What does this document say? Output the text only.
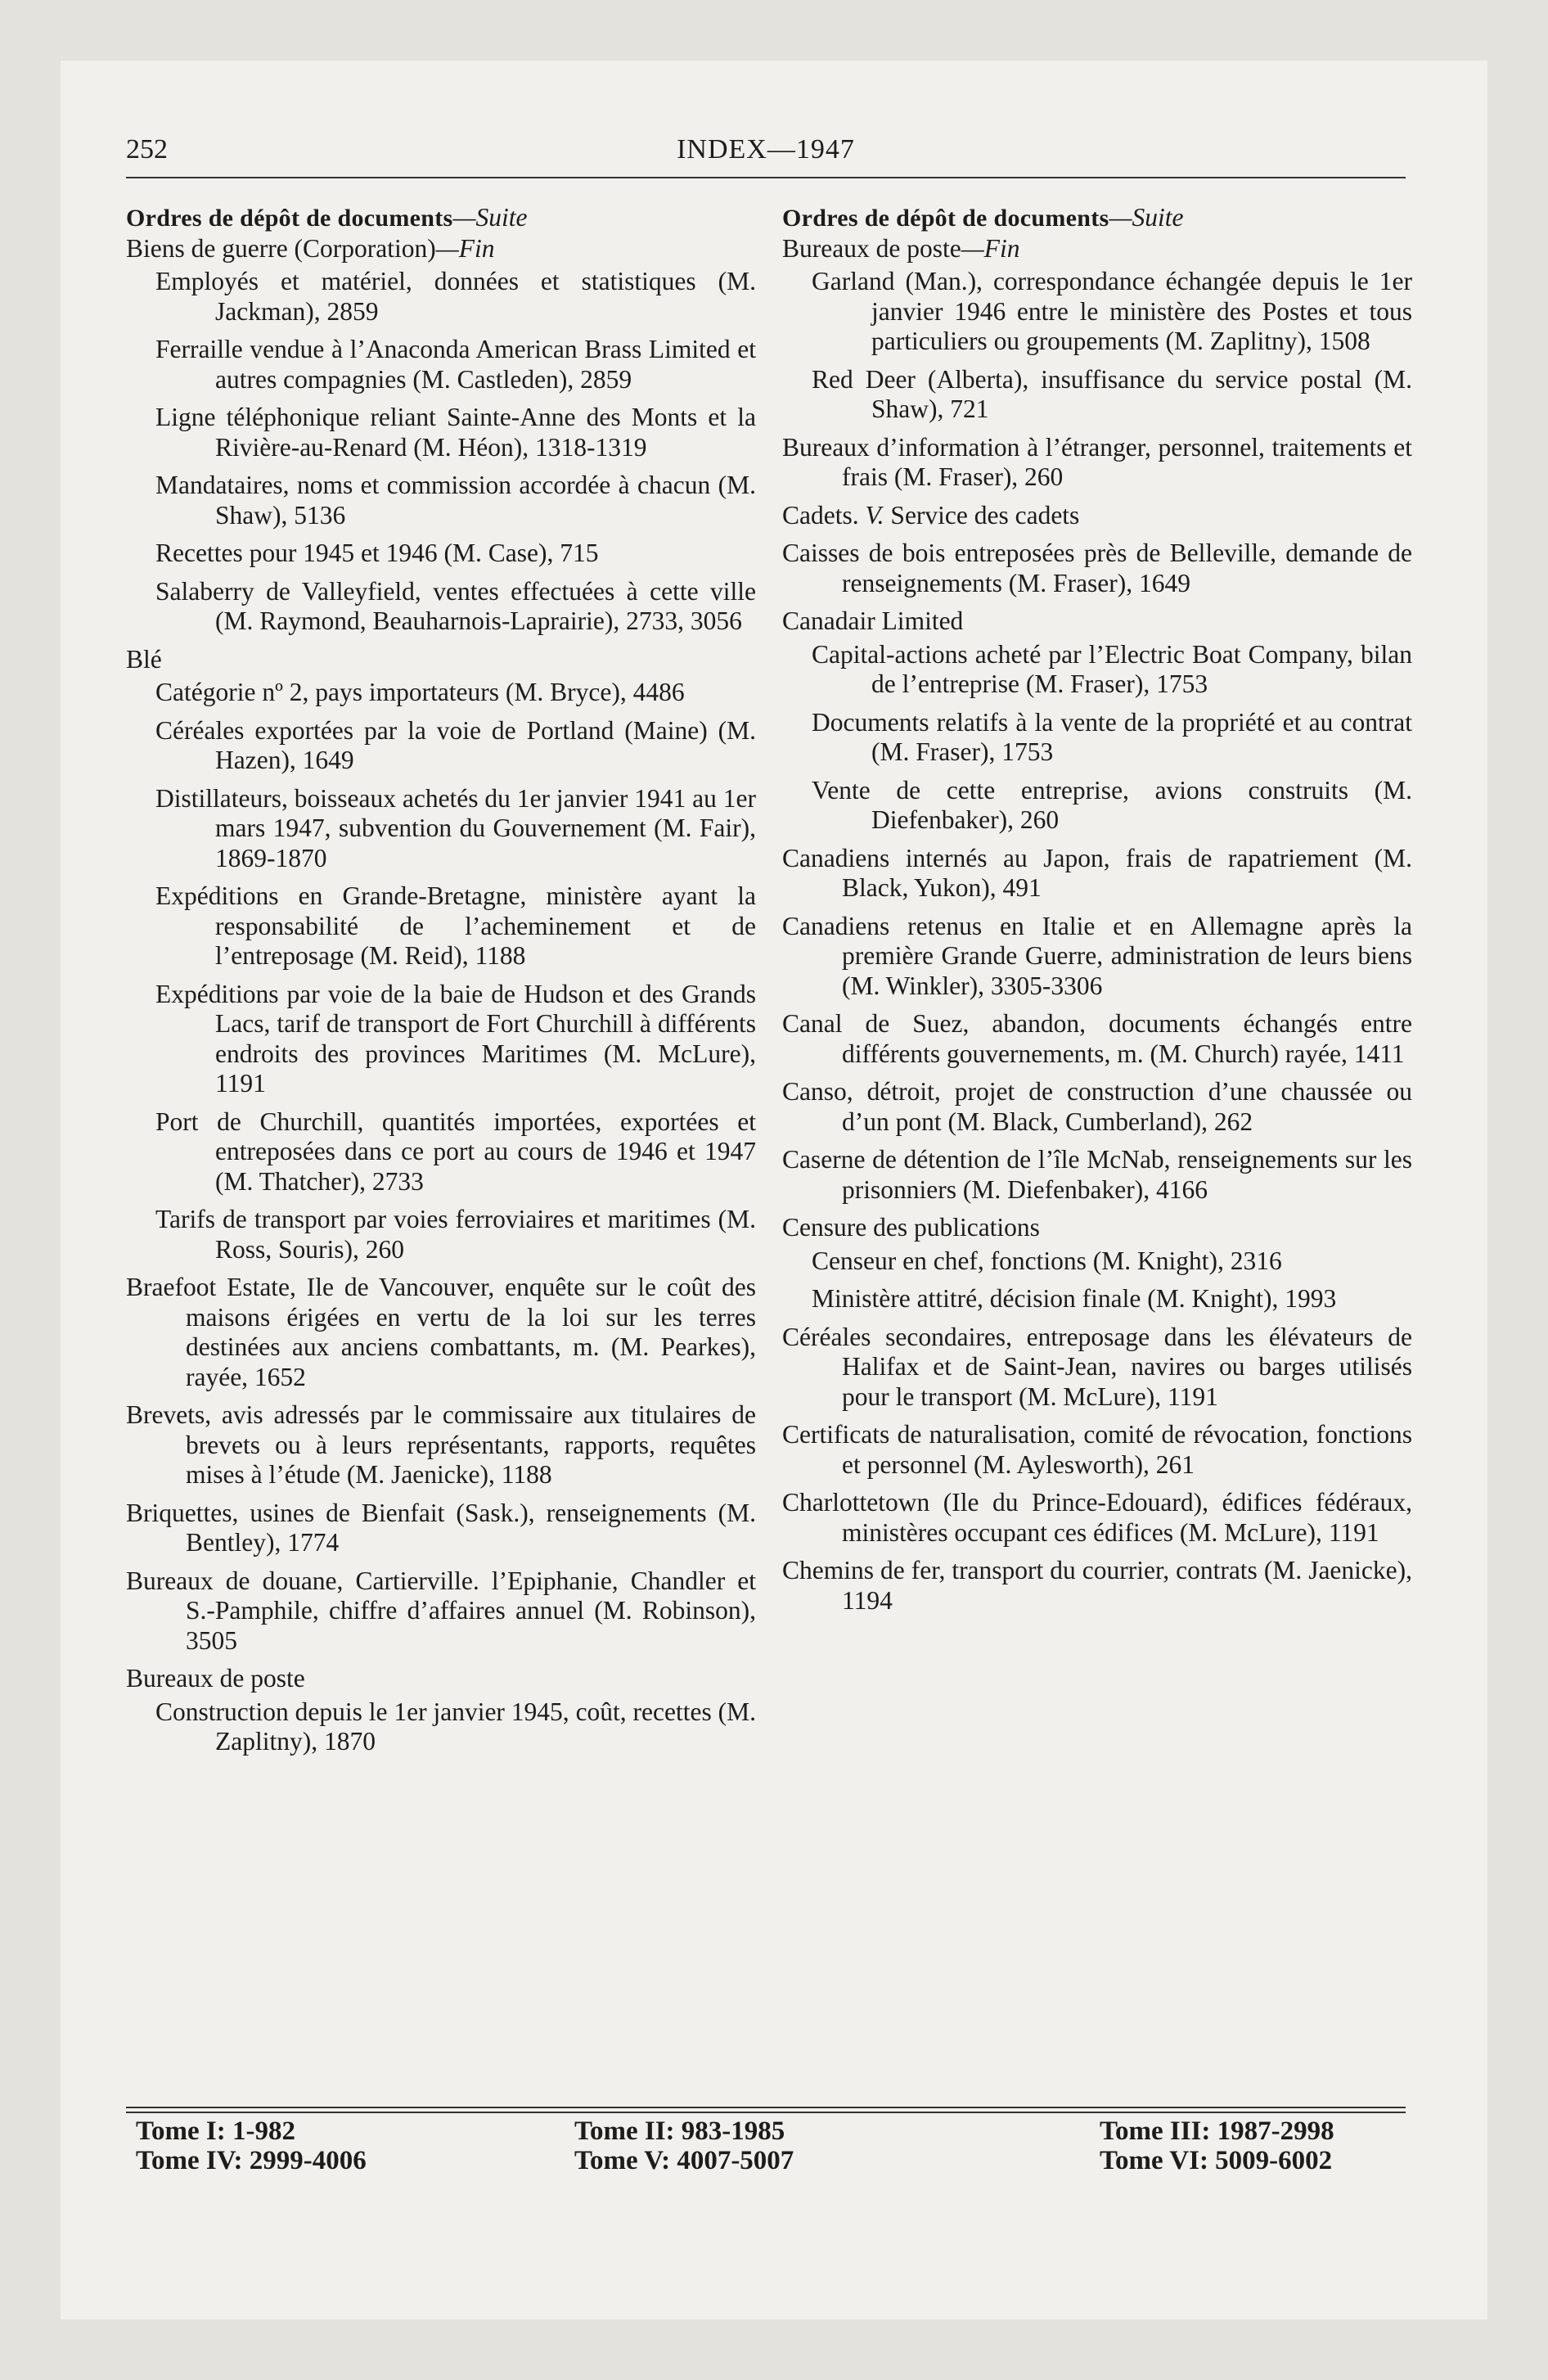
252	INDEX—1947
Ordres de dépôt de documents—Suite
Biens de guerre (Corporation)—Fin
Employés et matériel, données et statistiques (M. Jackman), 2859
Ferraille vendue à l’Anaconda American Brass Limited et autres compagnies (M. Castleden), 2859
Ligne téléphonique reliant Sainte-Anne des Monts et la Rivière-au-Renard (M. Héon), 1318-1319
Mandataires, noms et commission accordée à chacun (M. Shaw), 5136
Recettes pour 1945 et 1946 (M. Case), 715
Salaberry de Valleyfield, ventes effectuées à cette ville (M. Raymond, Beauharnois-Laprairie), 2733, 3056
Blé
Catégorie nº 2, pays importateurs (M. Bryce), 4486
Céréales exportées par la voie de Portland (Maine) (M. Hazen), 1649
Distillateurs, boisseaux achetés du 1er janvier 1941 au 1er mars 1947, subvention du Gouvernement (M. Fair), 1869-1870
Expéditions en Grande-Bretagne, ministère ayant la responsabilité de l’acheminement et de l’entreposage (M. Reid), 1188
Expéditions par voie de la baie de Hudson et des Grands Lacs, tarif de transport de Fort Churchill à différents endroits des provinces Maritimes (M. McLure), 1191
Port de Churchill, quantités importées, exportées et entreposées dans ce port au cours de 1946 et 1947 (M. Thatcher), 2733
Tarifs de transport par voies ferroviaires et maritimes (M. Ross, Souris), 260
Braefoot Estate, Ile de Vancouver, enquête sur le coût des maisons érigées en vertu de la loi sur les terres destinées aux anciens combattants, m. (M. Pearkes), rayée, 1652
Brevets, avis adressés par le commissaire aux titulaires de brevets ou à leurs représentants, rapports, requêtes mises à l’étude (M. Jaenicke), 1188
Briquettes, usines de Bienfait (Sask.), renseignements (M. Bentley), 1774
Bureaux de douane, Cartierville. l’Epiphanie, Chandler et S.-Pamphile, chiffre d’affaires annuel (M. Robinson), 3505
Bureaux de poste
Construction depuis le 1er janvier 1945, coût, recettes (M. Zaplitny), 1870
Ordres de dépôt de documents—Suite
Bureaux de poste—Fin
Garland (Man.), correspondance échangée depuis le 1er janvier 1946 entre le ministère des Postes et tous particuliers ou groupements (M. Zaplitny), 1508
Red Deer (Alberta), insuffisance du service postal (M. Shaw), 721
Bureaux d’information à l’étranger, personnel, traitements et frais (M. Fraser), 260
Cadets. V. Service des cadets
Caisses de bois entreposées près de Belleville, demande de renseignements (M. Fraser), 1649
Canadair Limited
Capital-actions acheté par l’Electric Boat Company, bilan de l’entreprise (M. Fraser), 1753
Documents relatifs à la vente de la propriété et au contrat (M. Fraser), 1753
Vente de cette entreprise, avions construits (M. Diefenbaker), 260
Canadiens internés au Japon, frais de rapatriement (M. Black, Yukon), 491
Canadiens retenus en Italie et en Allemagne après la première Grande Guerre, administration de leurs biens (M. Winkler), 3305-3306
Canal de Suez, abandon, documents échangés entre différents gouvernements, m. (M. Church) rayée, 1411
Canso, détroit, projet de construction d’une chaussée ou d’un pont (M. Black, Cumberland), 262
Caserne de détention de l’île McNab, renseignements sur les prisonniers (M. Diefenbaker), 4166
Censure des publications
Censeur en chef, fonctions (M. Knight), 2316
Ministère attitré, décision finale (M. Knight), 1993
Céréales secondaires, entreposage dans les élévateurs de Halifax et de Saint-Jean, navires ou barges utilisés pour le transport (M. McLure), 1191
Certificats de naturalisation, comité de révocation, fonctions et personnel (M. Aylesworth), 261
Charlottetown (Ile du Prince-Edouard), édifices fédéraux, ministères occupant ces édifices (M. McLure), 1191
Chemins de fer, transport du courrier, contrats (M. Jaenicke), 1194
Tome I: 1-982
Tome IV: 2999-4006
Tome II: 983-1985
Tome V: 4007-5007
Tome III: 1987-2998
Tome VI: 5009-6002
